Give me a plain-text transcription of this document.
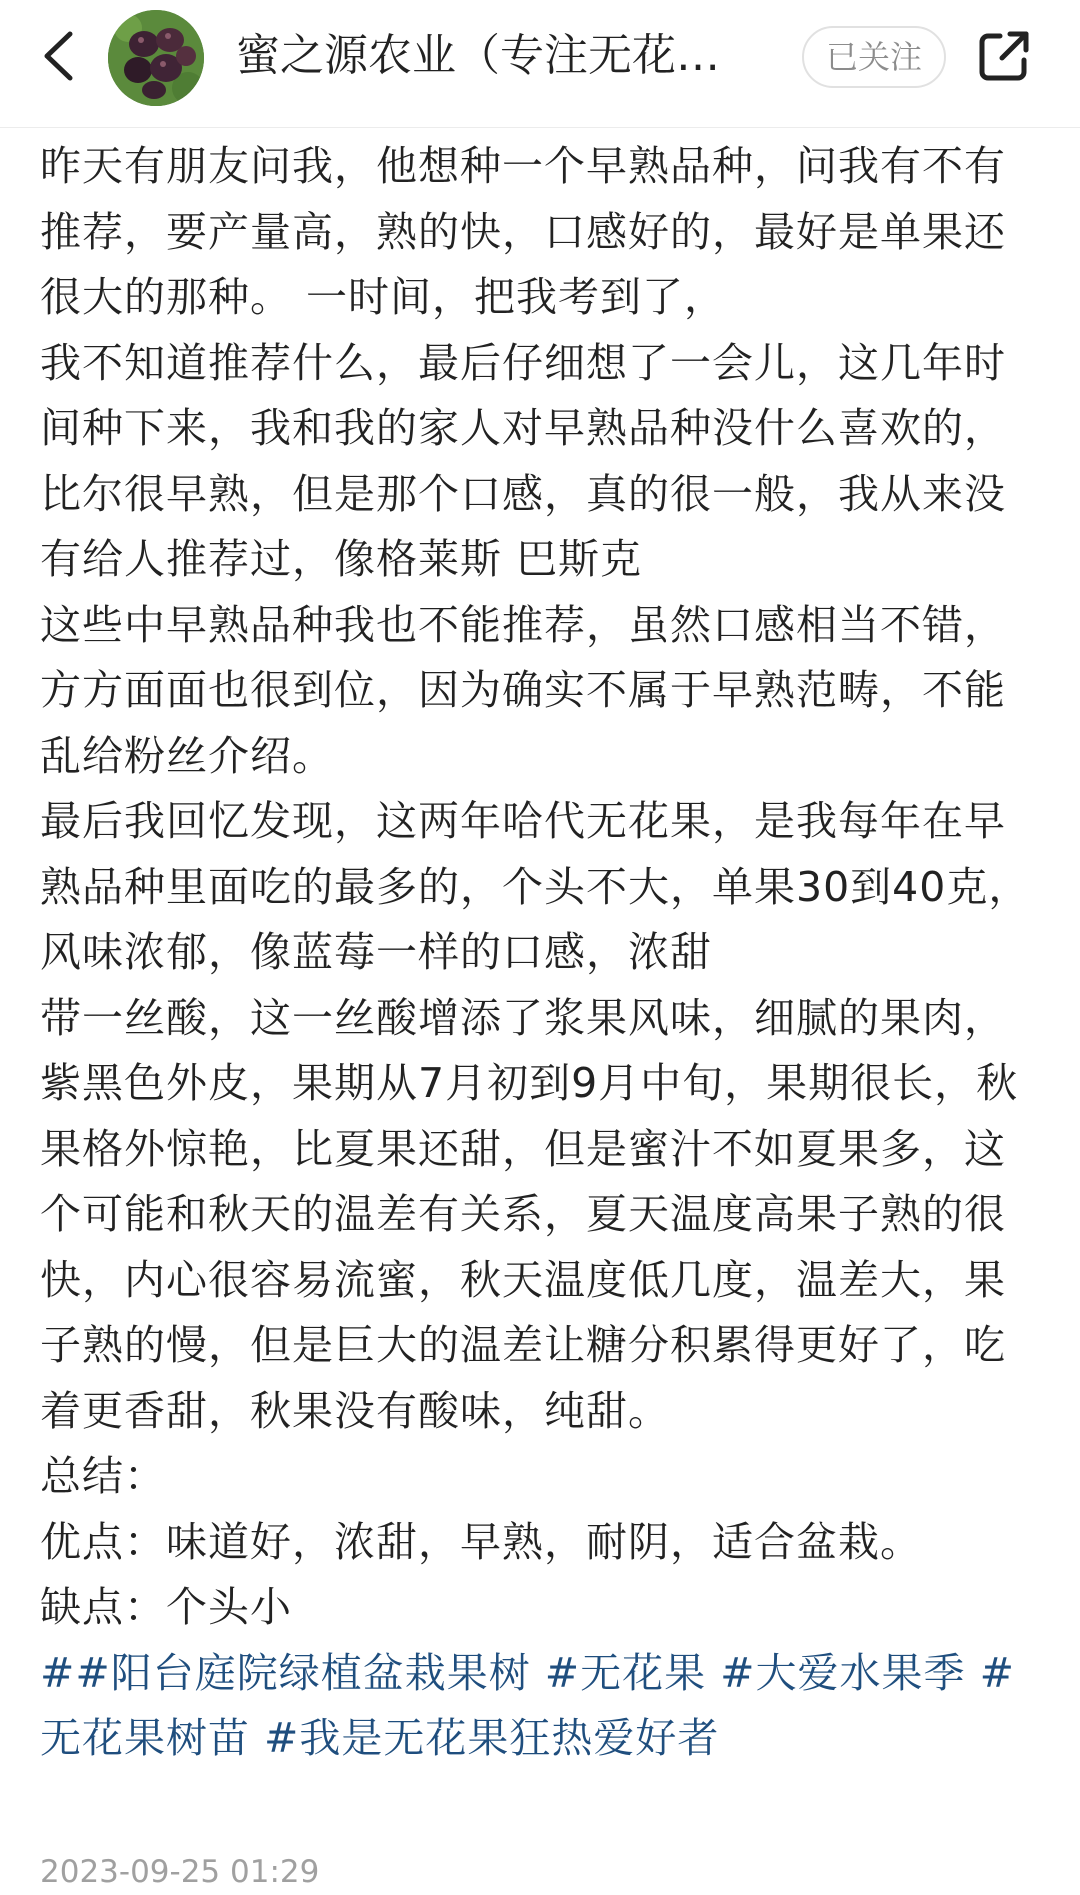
蜜之源农业（专注无花…	已关注

昨天有朋友问我，他想种一个早熟品种，问我有不有推荐，要产量高，熟的快，口感好的，最好是单果还很大的那种。 一时间，把我考到了，
我不知道推荐什么，最后仔细想了一会儿，这几年时间种下来，我和我的家人对早熟品种没什么喜欢的，比尔很早熟，但是那个口感，真的很一般，我从来没有给人推荐过，像格莱斯 巴斯克
这些中早熟品种我也不能推荐，虽然口感相当不错，方方面面也很到位，因为确实不属于早熟范畴，不能乱给粉丝介绍。

最后我回忆发现，这两年哈代无花果，是我每年在早熟品种里面吃的最多的，个头不大，单果30到40克，风味浓郁，像蓝莓一样的口感，浓甜
带一丝酸，这一丝酸增添了浆果风味，细腻的果肉，紫黑色外皮，果期从7月初到9月中旬，果期很长，秋果格外惊艳，比夏果还甜，但是蜜汁不如夏果多，这个可能和秋天的温差有关系，夏天温度高果子熟的很快，内心很容易流蜜，秋天温度低几度，温差大，果子熟的慢，但是巨大的温差让糖分积累得更好了，吃着更香甜，秋果没有酸味，纯甜。

总结：

优点：味道好，浓甜，早熟，耐阴，适合盆栽。

缺点：个头小

##阳台庭院绿植盆栽果树 #无花果 #大爱水果季 #无花果树苗 #我是无花果狂热爱好者

2023-09-25 01:29
